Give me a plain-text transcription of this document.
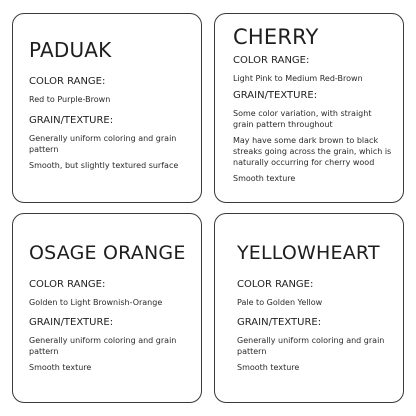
PADUAK

COLOR RANGE:

Red to Purple-Brown

GRAIN/TEXTURE:

Generally uniform coloring and grain pattern

Smooth, but slightly textured surface

CHERRY

COLOR RANGE:

Light Pink to Medium Red-Brown

GRAIN/TEXTURE:

Some color variation, with straight grain pattern throughout

May have some dark brown to black streaks going across the grain, which is naturally occurring for cherry wood

Smooth texture

OSAGE ORANGE

COLOR RANGE:

Golden to Light Brownish-Orange

GRAIN/TEXTURE:

Generally uniform coloring and grain pattern

Smooth texture

YELLOWHEART

COLOR RANGE:

Pale to Golden Yellow

GRAIN/TEXTURE:

Generally uniform coloring and grain pattern

Smooth texture
